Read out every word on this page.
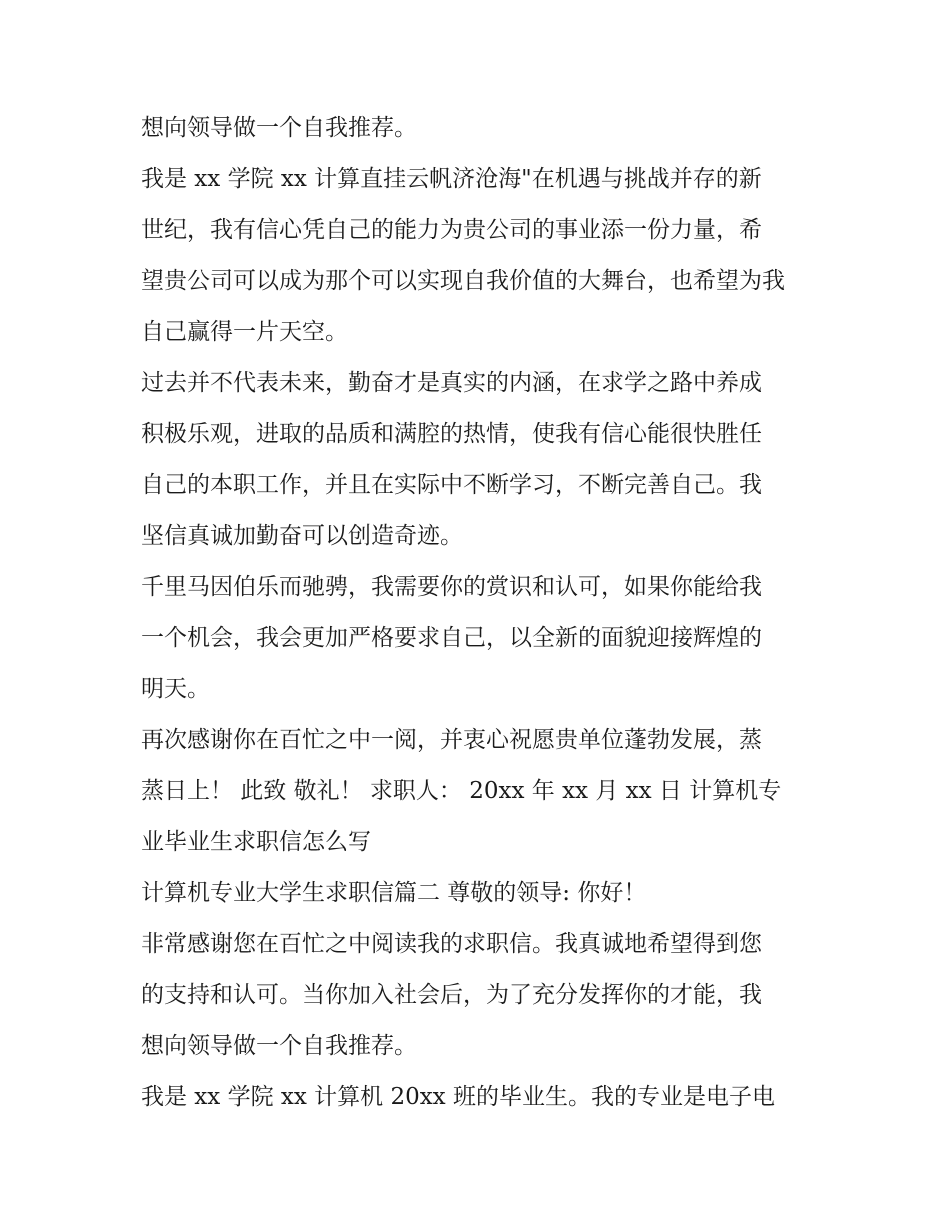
想向领导做一个自我推荐。
我是 xx 学院 xx 计算直挂云帆济沧海"在机遇与挑战并存的新
世纪，我有信心凭自己的能力为贵公司的事业添一份力量，希
望贵公司可以成为那个可以实现自我价值的大舞台，也希望为我
自己赢得一片天空。
过去并不代表未来，勤奋才是真实的内涵，在求学之路中养成
积极乐观，进取的品质和满腔的热情，使我有信心能很快胜任
自己的本职工作，并且在实际中不断学习，不断完善自己。我
坚信真诚加勤奋可以创造奇迹。
千里马因伯乐而驰骋，我需要你的赏识和认可，如果你能给我
一个机会，我会更加严格要求自己，以全新的面貌迎接辉煌的
明天。
再次感谢你在百忙之中一阅，并衷心祝愿贵单位蓬勃发展，蒸
蒸日上！ 此致 敬礼！ 求职人： 20xx 年 xx 月 xx 日 计算机专
业毕业生求职信怎么写
计算机专业大学生求职信篇二 尊敬的领导: 你好！
非常感谢您在百忙之中阅读我的求职信。我真诚地希望得到您
的支持和认可。当你加入社会后，为了充分发挥你的才能，我
想向领导做一个自我推荐。
我是 xx 学院 xx 计算机 20xx 班的毕业生。我的专业是电子电
